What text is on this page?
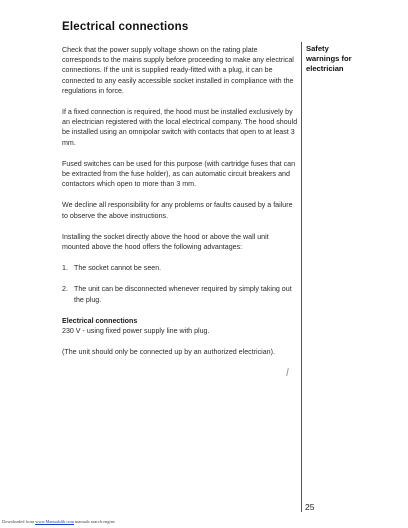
Electrical connections

Check that the power supply voltage shown on the rating plate corresponds to the mains supply before proceeding to make any electrical connections. If the unit is supplied ready-fitted with a plug, it can be connected to any easily accessible socket installed in compliance with the regulations in force.

If a fixed connection is required, the hood must be installed exclusively by an electrician registered with the local electrical company. The hood should be installed using an omnipolar switch with contacts that open to at least 3 mm.

Fused switches can be used for this purpose (with cartridge fuses that can be extracted from the fuse holder), as can automatic circuit breakers and contactors which open to more than 3 mm.

We decline all responsibility for any problems or faults caused by a failure to observe the above instructions.

Installing the socket directly above the hood or above the wall unit mounted above the hood offers the following advantages:

1. The socket cannot be seen.
2. The unit can be disconnected whenever required by simply taking out the plug.

Electrical connections
230 V - using fixed power supply line with plug.

(The unit should only be connected up by an authorized electrician).

Safety
warnings for
electrician
25
Downloaded from www.Manualslib.com manuals search engine
